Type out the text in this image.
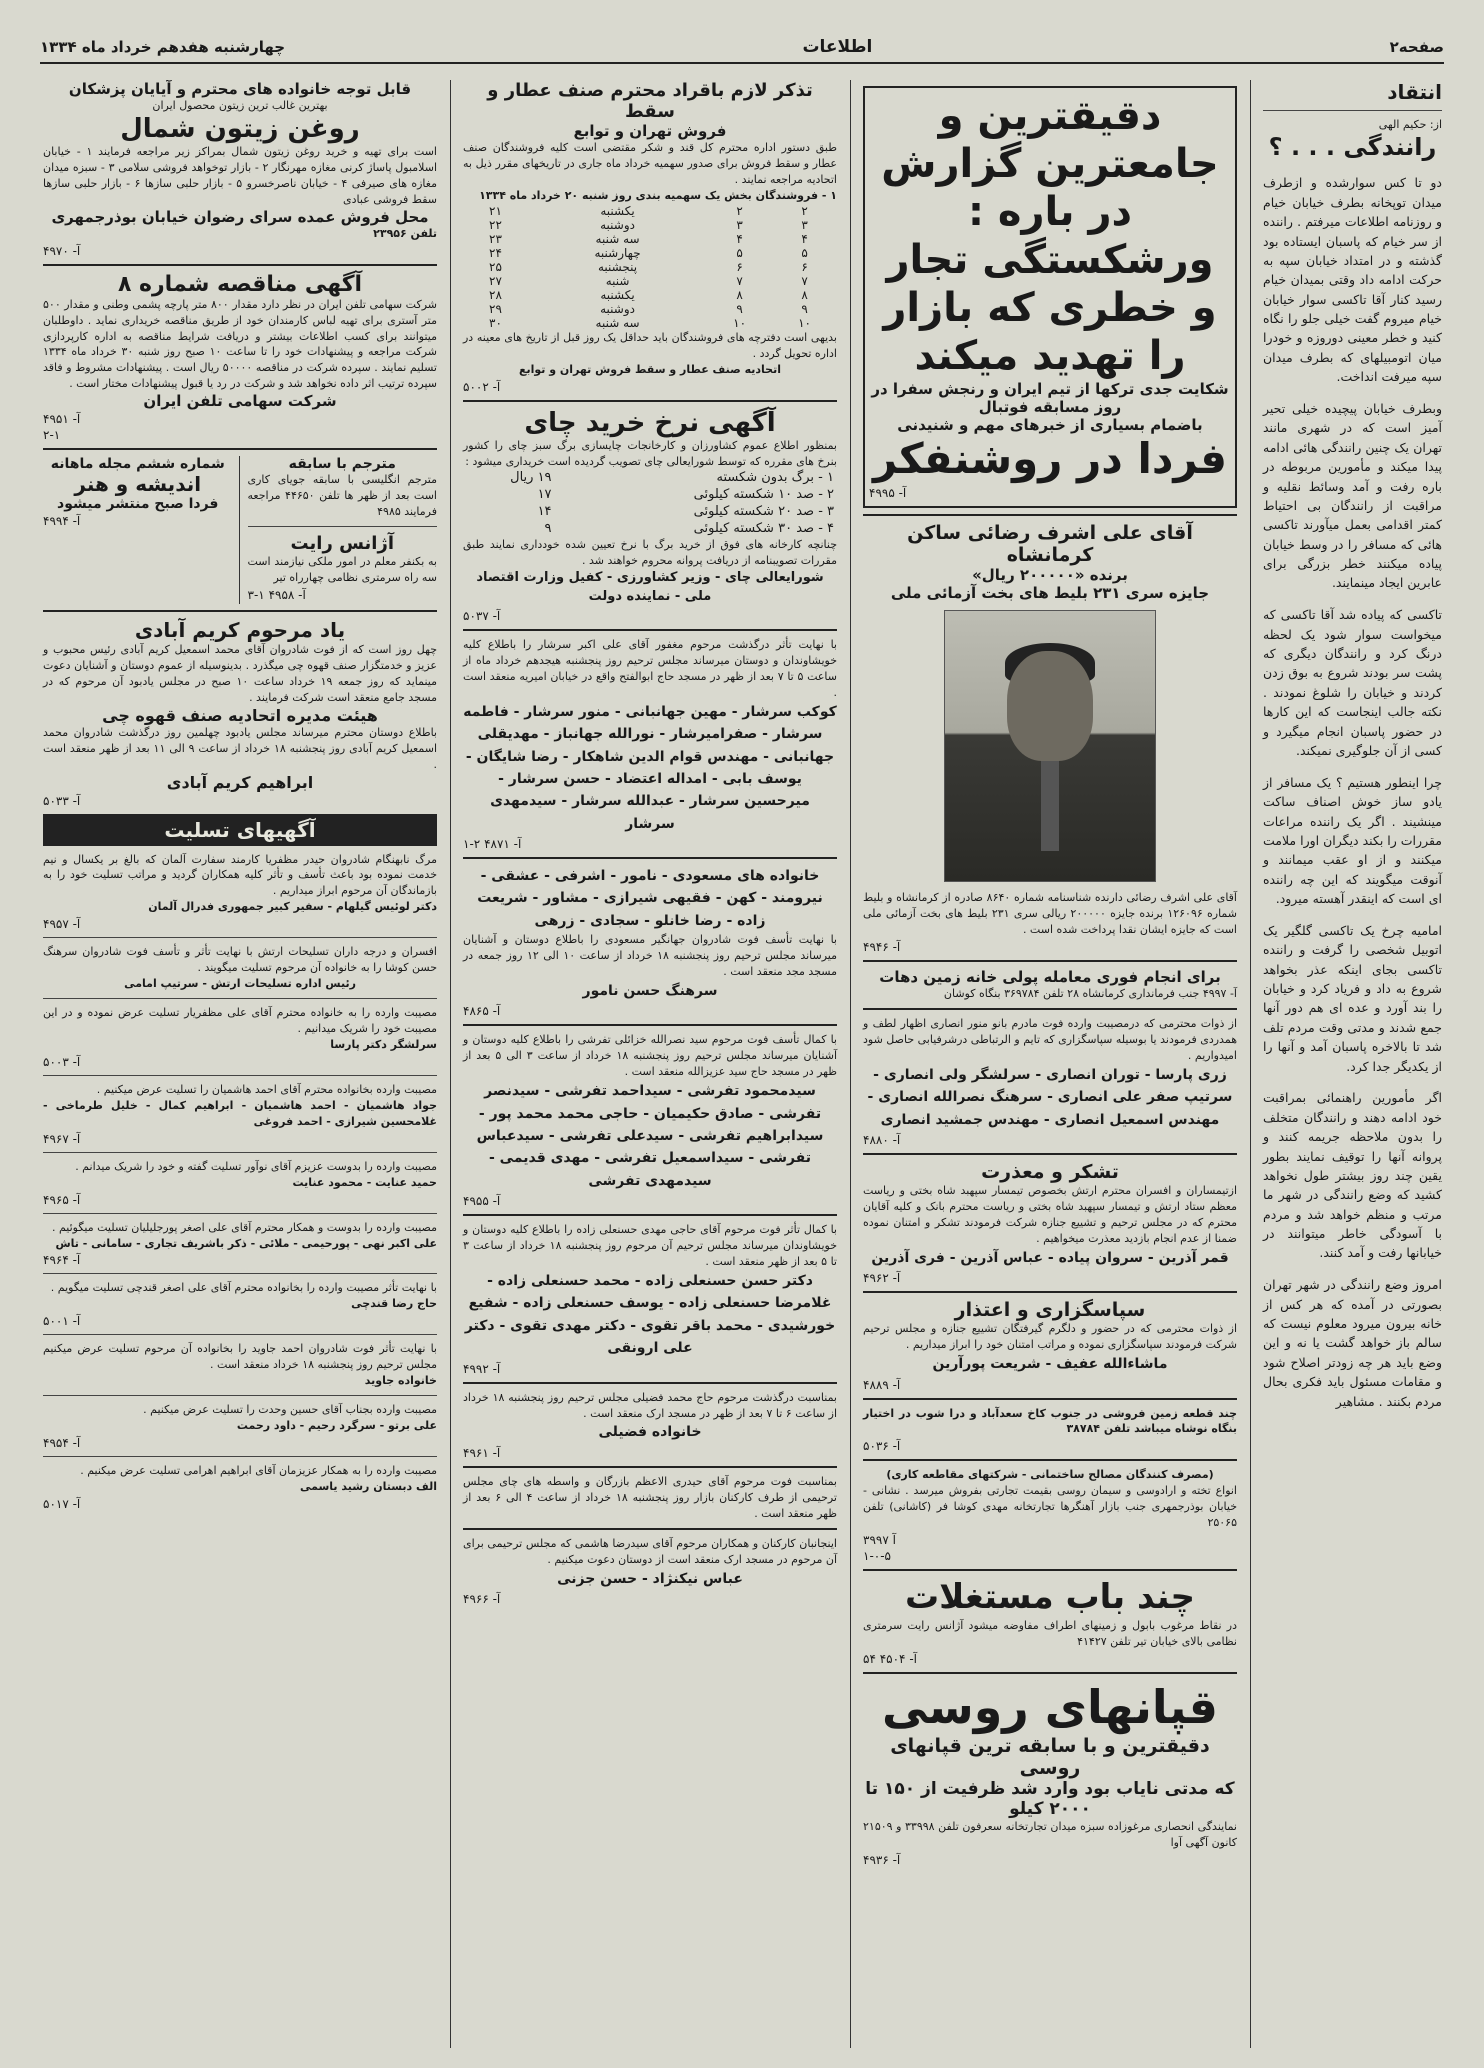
صفحه۲
اطلاعات
چهارشنبه هفدهم خرداد ماه ۱۳۳۴
انتقاد
از: حکیم الهی
رانندگی . . . ؟

دو تا کس سوارشده و ازطرف میدان توپخانه بطرف خیابان خیام و روزنامه اطلاعات میرفتم . راننده از سر خیام که پاسبان ایستاده بود گذشته و در امتداد خیابان سپه به حرکت ادامه داد وقتی بمیدان خیام رسید کنار آقا تاکسی سوار خیابان خیام میروم گفت خیلی جلو را نگاه کنید و خطر معینی دوروزه و خودرا میان اتومبیلهای که بطرف میدان سپه میرفت انداخت.

وبطرف خیابان پیچیده خیلی تحیر آمیز است که در شهری مانند تهران یک چنین رانندگی هائی ادامه پیدا میکند و مأمورین مربوطه در باره رفت و آمد وسائط نقلیه و مراقبت از رانندگان بی احتیاط کمتر اقدامی بعمل میآورند تاکسی هائی که مسافر را در وسط خیابان پیاده میکنند خطر بزرگی برای عابرین ایجاد مینمایند.

تاکسی که پیاده شد آقا تاکسی که میخواست سوار شود یک لحظه درنگ کرد و رانندگان دیگری که پشت سر بودند شروع به بوق زدن کردند و خیابان را شلوغ نمودند . نکته جالب اینجاست که این کارها در حضور پاسبان انجام میگیرد و کسی از آن جلوگیری نمیکند.

چرا اینطور هستیم ؟ یک مسافر از یادو ساز خوش اصناف ساکت مینشیند . اگر یک راننده مراعات مقررات را بکند دیگران اورا ملامت میکنند و از او عقب میمانند و آنوقت میگویند که این چه راننده ای است که اینقدر آهسته میرود.

امامیه چرخ یک تاکسی گلگیر یک اتوبیل شخصی را گرفت و راننده تاکسی بجای اینکه عذر بخواهد شروع به داد و فریاد کرد و خیابان را بند آورد و عده ای هم دور آنها جمع شدند و مدتی وقت مردم تلف شد تا بالاخره پاسبان آمد و آنها را از یکدیگر جدا کرد.

اگر مأمورین راهنمائی بمراقبت خود ادامه دهند و رانندگان متخلف را بدون ملاحظه جریمه کنند و پروانه آنها را توقیف نمایند بطور یقین چند روز بیشتر طول نخواهد کشید که وضع رانندگی در شهر ما مرتب و منظم خواهد شد و مردم با آسودگی خاطر میتوانند در خیابانها رفت و آمد کنند.

امروز وضع رانندگی در شهر تهران بصورتی در آمده که هر کس از خانه بیرون میرود معلوم نیست که سالم باز خواهد گشت یا نه و این وضع باید هر چه زودتر اصلاح شود و مقامات مسئول باید فکری بحال مردم بکنند . مشاهیر

دقیقترین و جامعترین گزارش در باره : ورشکستگی تجار و خطری که بازار را تهدید میکند
شکایت جدی ترکها از تیم ایران و رنجش سفرا در روز مسابقه فوتبال
باضمام بسیاری از خبرهای مهم و شنیدنی
فردا در روشنفکر
آ- ۴۹۹۵
آقای علی اشرف رضائی ساکن کرمانشاه
برنده «۲۰۰۰۰۰ ریال»
جایزه سری ۲۳۱ بلیط های بخت آزمائی ملی
آقای علی اشرف رضائی دارنده شناسنامه شماره ۸۶۴۰ صادره از کرمانشاه و بلیط شماره ۱۲۶۰۹۶ برنده جایزه ۲۰۰۰۰۰ ریالی سری ۲۳۱ بلیط های بخت آزمائی ملی است که جایزه ایشان نقدا پرداخت شده است .
آ- ۴۹۴۶
برای انجام فوری معامله پولی خانه زمین دهات
آ- ۴۹۹۷ جنب فرمانداری کرمانشاه ۲۸ تلفن ۳۶۹۷۸۴ بنگاه کوشان
از ذوات محترمی که درمصیبت وارده فوت مادرم بانو منور انصاری اظهار لطف و همدردی فرمودند یا بوسیله سپاسگزاری که تایم و الرتباطی درشرفیابی حاصل شود امیدواریم .
زری پارسا - توران انصاری - سرلشگر ولی انصاری - سرتیپ صفر علی انصاری - سرهنگ نصرالله انصاری - مهندس اسمعیل انصاری - مهندس جمشید انصاری
آ- ۴۸۸۰
تشکر و معذرت
ازتیمساران و افسران محترم ارتش بخصوص تیمسار سپهبد شاه بختی و ریاست معظم ستاد ارتش و تیمسار سپهبد شاه بختی و ریاست محترم بانک و کلیه آقایان محترم که در مجلس ترحیم و تشییع جنازه شرکت فرمودند تشکر و امتنان نموده ضمنا از عدم انجام بازدید معذرت میخواهیم .
قمر آذرین - سروان پیاده - عباس آذرین - فری آذرین
آ- ۴۹۶۲
سپاسگزاری و اعتذار
از ذوات محترمی که در حضور و دلگرم گیرفتگان تشییع جنازه و مجلس ترحیم شرکت فرمودند سپاسگزاری نموده و مراتب امتنان خود را ابراز میداریم .
ماشاءالله عفیف - شریعت پورآرین
آ- ۴۸۸۹
چند قطعه زمین فروشی در جنوب کاخ سعدآباد و درا شوب در اختیار بنگاه نوشاه میباشد تلفن ۳۸۷۸۴
آ- ۵۰۳۶
(مصرف کنندگان مصالح ساختمانی - شرکتهای مقاطعه کاری)
انواع تخته و ارادوسی و سیمان روسی بقیمت تجارتی بفروش میرسد . نشانی - خیابان بوذرجمهری جنب بازار آهنگرها تجارتخانه مهدی کوشا فر (کاشانی) تلفن ۲۵۰۶۵
آ ۳۹۹۷
۱-۰-۵
چند باب مستغلات
در نقاط مرغوب بابول و زمینهای اطراف مفاوضه میشود آژانس رایت سرمتری نظامی بالای خیابان تیر تلفن ۴۱۴۲۷
آ- ۴۵۰۴ ۵۴
قپانهای روسی
دقیقترین و با سابقه ترین قپانهای روسی
که مدتی نایاب بود وارد شد ظرفیت از ۱۵۰ تا ۲۰۰۰ کیلو
نمایندگی انحصاری مرغوزاده سبزه میدان تجارتخانه سعرفون تلفن ۳۳۹۹۸ و ۲۱۵۰۹ کانون آگهی آوا
آ- ۴۹۳۶
تذکر لازم باقراد محترم صنف عطار و سقط
فروش تهران و توابع
طبق دستور اداره محترم کل قند و شکر مقتضی است کلیه فروشندگان صنف عطار و سقط فروش برای صدور سهمیه خرداد ماه جاری در تاریخهای مقرر ذیل به اتحادیه مراجعه نمایند .
۱ - فروشندگان بخش یک سهمیه بندی روز شنبه ۲۰ خرداد ماه ۱۳۳۴
۲	۲	یکشنبه	۲۱
۳	۳	دوشنبه	۲۲
۴	۴	سه شنبه	۲۳
۵	۵	چهارشنبه	۲۴
۶	۶	پنجشنبه	۲۵
۷	۷	شنبه	۲۷
۸	۸	یکشنبه	۲۸
۹	۹	دوشنبه	۲۹
۱۰	۱۰	سه شنبه	۳۰
بدیهی است دفترچه های فروشندگان باید حداقل یک روز قبل از تاریخ های معینه در اداره تحویل گردد .
اتحادیه صنف عطار و سقط فروش تهران و توابع
آ- ۵۰۰۲
آگهی نرخ خرید چای
بمنظور اطلاع عموم کشاورزان و کارخانجات چایسازی برگ سبز چای را کشور بنرخ های مقرره که توسط شورایعالی چای تصویب گردیده است خریداری میشود :
۱ - برگ بدون شکسته	۱۹ ریال
۲ - صد ۱۰ شکسته کیلوئی	۱۷
۳ - صد ۲۰ شکسته کیلوئی	۱۴
۴ - صد ۳۰ شکسته کیلوئی	۹
چنانچه کارخانه های فوق از خرید برگ با نرخ تعیین شده خودداری نمایند طبق مقررات تصویبنامه از دریافت پروانه محروم خواهند شد .
شورایعالی چای - وزیر کشاورزی - کفیل وزارت اقتصاد ملی - نماینده دولت
آ- ۵۰۳۷
با نهایت تأثر درگذشت مرحوم مغفور آقای علی اکبر سرشار را باطلاع کلیه خویشاوندان و دوستان میرساند مجلس ترحیم روز پنجشنبه هیجدهم خرداد ماه از ساعت ۵ تا ۷ بعد از ظهر در مسجد حاج ابوالفتح واقع در خیابان امیریه منعقد است .
کوکب سرشار - مهین جهانبانی - منور سرشار - فاطمه سرشار - صفرامیرشار - نورالله جهانباز - مهدیقلی جهانبانی - مهندس قوام الدین شاهکار - رضا شایگان - یوسف بابی - امداله اعتضاد - حسن سرشار - میرحسین سرشار - عبدالله سرشار - سیدمهدی سرشار
آ- ۴۸۷۱ ۲-۱
خانواده های مسعودی - نامور - اشرفی - عشقی - نیرومند - کهن - فقیهی شیرازی - مشاور - شریعت زاده - رضا خانلو - سجادی - زرهی
با نهایت تأسف فوت شادروان جهانگیر مسعودی را باطلاع دوستان و آشنایان میرساند مجلس ترحیم روز پنجشنبه ۱۸ خرداد از ساعت ۱۰ الی ۱۲ روز جمعه در مسجد مجد منعقد است .
سرهنگ حسن نامور
آ- ۴۸۶۵
با کمال تأسف فوت مرحوم سید نصرالله خزائلی تفرشی را باطلاع کلیه دوستان و آشنایان میرساند مجلس ترحیم روز پنجشنبه ۱۸ خرداد از ساعت ۳ الی ۵ بعد از ظهر در مسجد حاج سید عزیزالله منعقد است .
سیدمحمود تفرشی - سیداحمد تفرشی - سیدنصر تفرشی - صادق حکیمیان - حاجی محمد محمد پور - سیدابراهیم تفرشی - سیدعلی تفرشی - سیدعباس تفرشی - سیداسمعیل تفرشی - مهدی قدیمی - سیدمهدی تفرشی
آ- ۴۹۵۵
با کمال تأثر فوت مرحوم آقای حاجی مهدی حسنعلی زاده را باطلاع کلیه دوستان و خویشاوندان میرساند مجلس ترحیم آن مرحوم روز پنجشنبه ۱۸ خرداد از ساعت ۳ تا ۵ بعد از ظهر منعقد است .
دکتر حسن حسنعلی زاده - محمد حسنعلی زاده - غلامرضا حسنعلی زاده - یوسف حسنعلی زاده - شفیع خورشیدی - محمد باقر تقوی - دکتر مهدی تقوی - دکتر علی ارونقی
آ- ۴۹۹۲
بمناسبت درگذشت مرحوم حاج محمد فضیلی مجلس ترحیم روز پنجشنبه ۱۸ خرداد از ساعت ۶ تا ۷ بعد از ظهر در مسجد ارک منعقد است .
خانواده فضیلی
آ- ۴۹۶۱
بمناسبت فوت مرحوم آقای حیدری الاعظم بازرگان و واسطه های چای مجلس ترحیمی از طرف کارکنان بازار روز پنجشنبه ۱۸ خرداد از ساعت ۴ الی ۶ بعد از ظهر منعقد است .
اینجانبان کارکنان و همکاران مرحوم آقای سیدرضا هاشمی که مجلس ترحیمی برای آن مرحوم در مسجد ارک منعقد است از دوستان دعوت میکنیم .
عباس نیکنژاد - حسن جزنی
آ- ۴۹۶۶
قابل توجه خانواده های محترم و آیایان پزشکان
بهترین غالب ترین زیتون محصول ایران
روغن زیتون شمال
است برای تهیه و خرید روغن زیتون شمال بمراکز زیر مراجعه فرمایند ۱ - خیابان اسلامبول پاساژ کرنی مغازه مهرنگار ۲ - بازار توخواهد فروشی سلامی ۳ - سبزه میدان مغازه های صیرفی ۴ - خیابان ناصرخسرو ۵ - بازار حلبی سازها ۶ - بازار حلبی سازها سقط فروشی عبادی
محل فروش عمده سرای رضوان خیابان بوذرجمهری
تلفن ۲۳۹۵۶
آ- ۴۹۷۰
آگهی مناقصه شماره ۸
شرکت سهامی تلفن ایران در نظر دارد مقدار ۸۰۰ متر پارچه پشمی وطنی و مقدار ۵۰۰ متر آستری برای تهیه لباس کارمندان خود از طریق مناقصه خریداری نماید . داوطلبان میتوانند برای کسب اطلاعات بیشتر و دریافت شرایط مناقصه به اداره کارپردازی شرکت مراجعه و پیشنهادات خود را تا ساعت ۱۰ صبح روز شنبه ۳۰ خرداد ماه ۱۳۳۴ تسلیم نمایند . سپرده شرکت در مناقصه ۵۰۰۰۰ ریال است . پیشنهادات مشروط و فاقد سپرده ترتیب اثر داده نخواهد شد و شرکت در رد یا قبول پیشنهادات مختار است .
شرکت سهامی تلفن ایران
آ- ۴۹۵۱
۲-۱
مترجم با سابقه
مترجم انگلیسی با سابقه جویای کاری است بعد از ظهر ها تلفن ۴۴۶۵۰ مراجعه فرمایند ۴۹۸۵
آژانس رایت
به بکنفر معلم در امور ملکی نیازمند است سه راه سرمتری نظامی چهارراه تیر
آ- ۴۹۵۸ ۱-۳
شماره ششم مجله ماهانه
اندیشه و هنر
فردا صبح منتشر میشود
آ- ۴۹۹۴
یاد مرحوم کریم آبادی
چهل روز است که از فوت شادروان آقای محمد اسمعیل کریم آبادی رئیس محبوب و عزیز و خدمتگزار صنف قهوه چی میگذرد . بدینوسیله از عموم دوستان و آشنایان دعوت مینماید که روز جمعه ۱۹ خرداد ساعت ۱۰ صبح در مجلس یادبود آن مرحوم که در مسجد جامع منعقد است شرکت فرمایند .
هیئت مدیره اتحادیه صنف قهوه چی
باطلاع دوستان محترم میرساند مجلس یادبود چهلمین روز درگذشت شادروان محمد اسمعیل کریم آبادی روز پنجشنبه ۱۸ خرداد از ساعت ۹ الی ۱۱ بعد از ظهر منعقد است .
ابراهیم کریم آبادی
آ- ۵۰۳۳
آگهیهای تسلیت
مرگ نابهنگام شادروان حیدر مظفریا کارمند سفارت آلمان که بالغ بر یکسال و نیم خدمت نموده بود باعث تأسف و تأثر کلیه همکاران گردید و مراتب تسلیت خود را به بازماندگان آن مرحوم ابراز میداریم .
دکتر لوئیس گیلهام - سفیر کبیر جمهوری فدرال آلمان
آ- ۴۹۵۷
افسران و درجه داران تسلیحات ارتش با نهایت تأثر و تأسف فوت شادروان سرهنگ حسن کوشا را به خانواده آن مرحوم تسلیت میگویند .
رئیس اداره تسلیحات ارتش - سرتیپ امامی
مصیبت وارده را به خانواده محترم آقای علی مظفریار تسلیت عرض نموده و در این مصیبت خود را شریک میدانیم .
سرلشگر دکتر پارسا
آ- ۵۰۰۳
مصیبت وارده بخانواده محترم آقای احمد هاشمیان را تسلیت عرض میکنیم .
جواد هاشمیان - احمد هاشمیان - ابراهیم کمال - خلیل طرماخی - غلامحسین شیرازی - احمد فروغی
آ- ۴۹۶۷
مصیبت وارده را بدوست عزیزم آقای نوآور تسلیت گفته و خود را شریک میدانم .
حمید عنایت - محمود عنایت
آ- ۴۹۶۵
مصیبت وارده را بدوست و همکار محترم آقای علی اصغر پورجلیلیان تسلیت میگوئیم .
علی اکبر نهی - پورحیمی - ملائی - ذکر باشریف تجاری - سامانی - تاش
آ- ۴۹۶۴
با نهایت تأثر مصیبت وارده را بخانواده محترم آقای علی اصغر قندچی تسلیت میگویم .
حاج رضا قندچی
آ- ۵۰۰۱
با نهایت تأثر فوت شادروان احمد جاوید را بخانواده آن مرحوم تسلیت عرض میکنیم مجلس ترحیم روز پنجشنبه ۱۸ خرداد منعقد است .
خانواده جاوید
مصیبت وارده بجناب آقای حسین وحدت را تسلیت عرض میکنیم .
علی برتو - سرگرد رحیم - داود رحمت
آ- ۴۹۵۴
مصیبت وارده را به همکار عزیزمان آقای ابراهیم اهرامی تسلیت عرض میکنیم .
الف دبستان رشید یاسمی
آ- ۵۰۱۷
